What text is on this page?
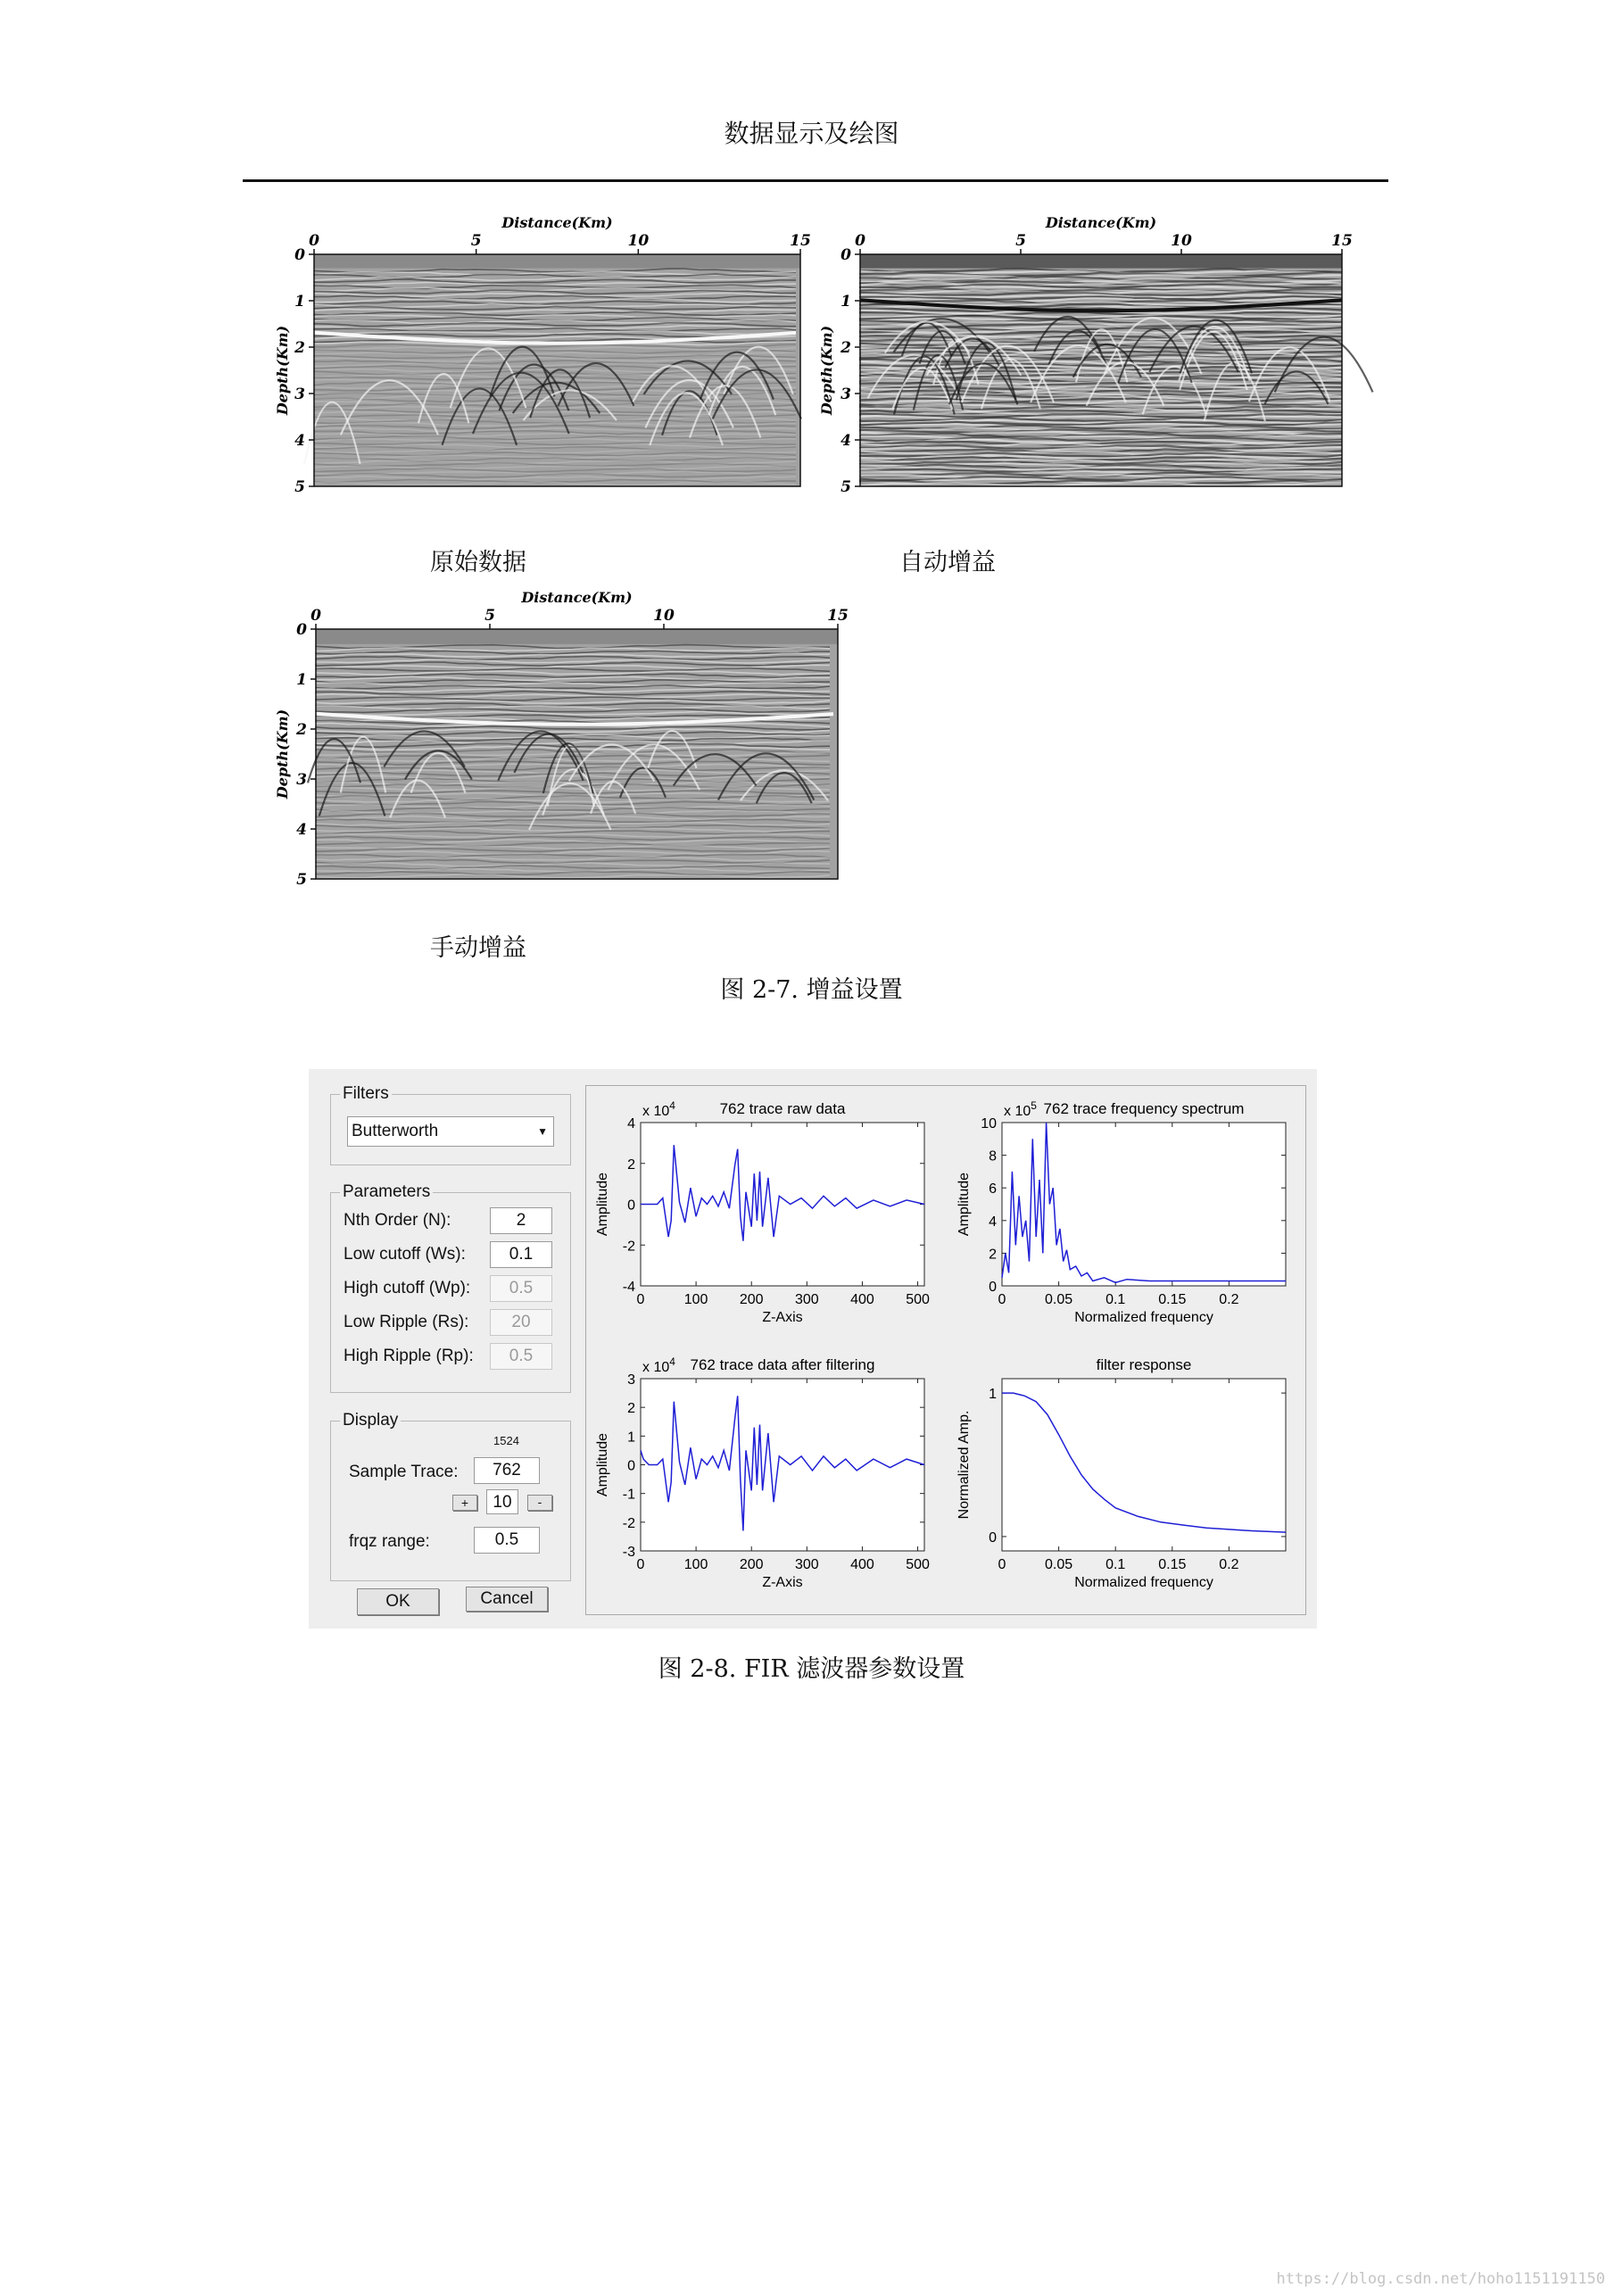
数据显示及绘图
Distance(Km)
0	5	10	15
0
1
2
3
4
5
Depth(Km)
Distance(Km)
0	5	10	15
0
1
2
3
4
5
Depth(Km)
Distance(Km)
0	5	10	15
0
1
2
3
4
5
Depth(Km)
原始数据	自动增益
手动增益
图 2-7. 增益设置
Filters
Butterworth	▼
Parameters
Nth Order (N):	2
Low cutoff (Ws):	0.1
High cutoff (Wp):	0.5
Low Ripple (Rs):	20
High Ripple (Rp):	0.5
Display
1524
Sample Trace:	762
+	10	-
frqz range:	0.5
OK	Cancel
762 trace raw data
x $10^4$
0	100 200 300 400 500
-4
-2
0
2
4
Z-Axis
Amplitude
762 trace frequency spectrum
x $10^5$
0	0.05 0.1 0.15 0.2
0
2
4
6
8
10
Normalized frequency
Amplitude
762 trace data after filtering
x $10^4$
0	100 200 300 400 500
-3
-2
-1
0
1
2
3
Z-Axis
Amplitude
filter response
0	0.05 0.1 0.15 0.2
0
1
Normalized frequency
Normalized Amp.
图 2-8. FIR 滤波器参数设置
https://blog.csdn.net/hoho1151191150
